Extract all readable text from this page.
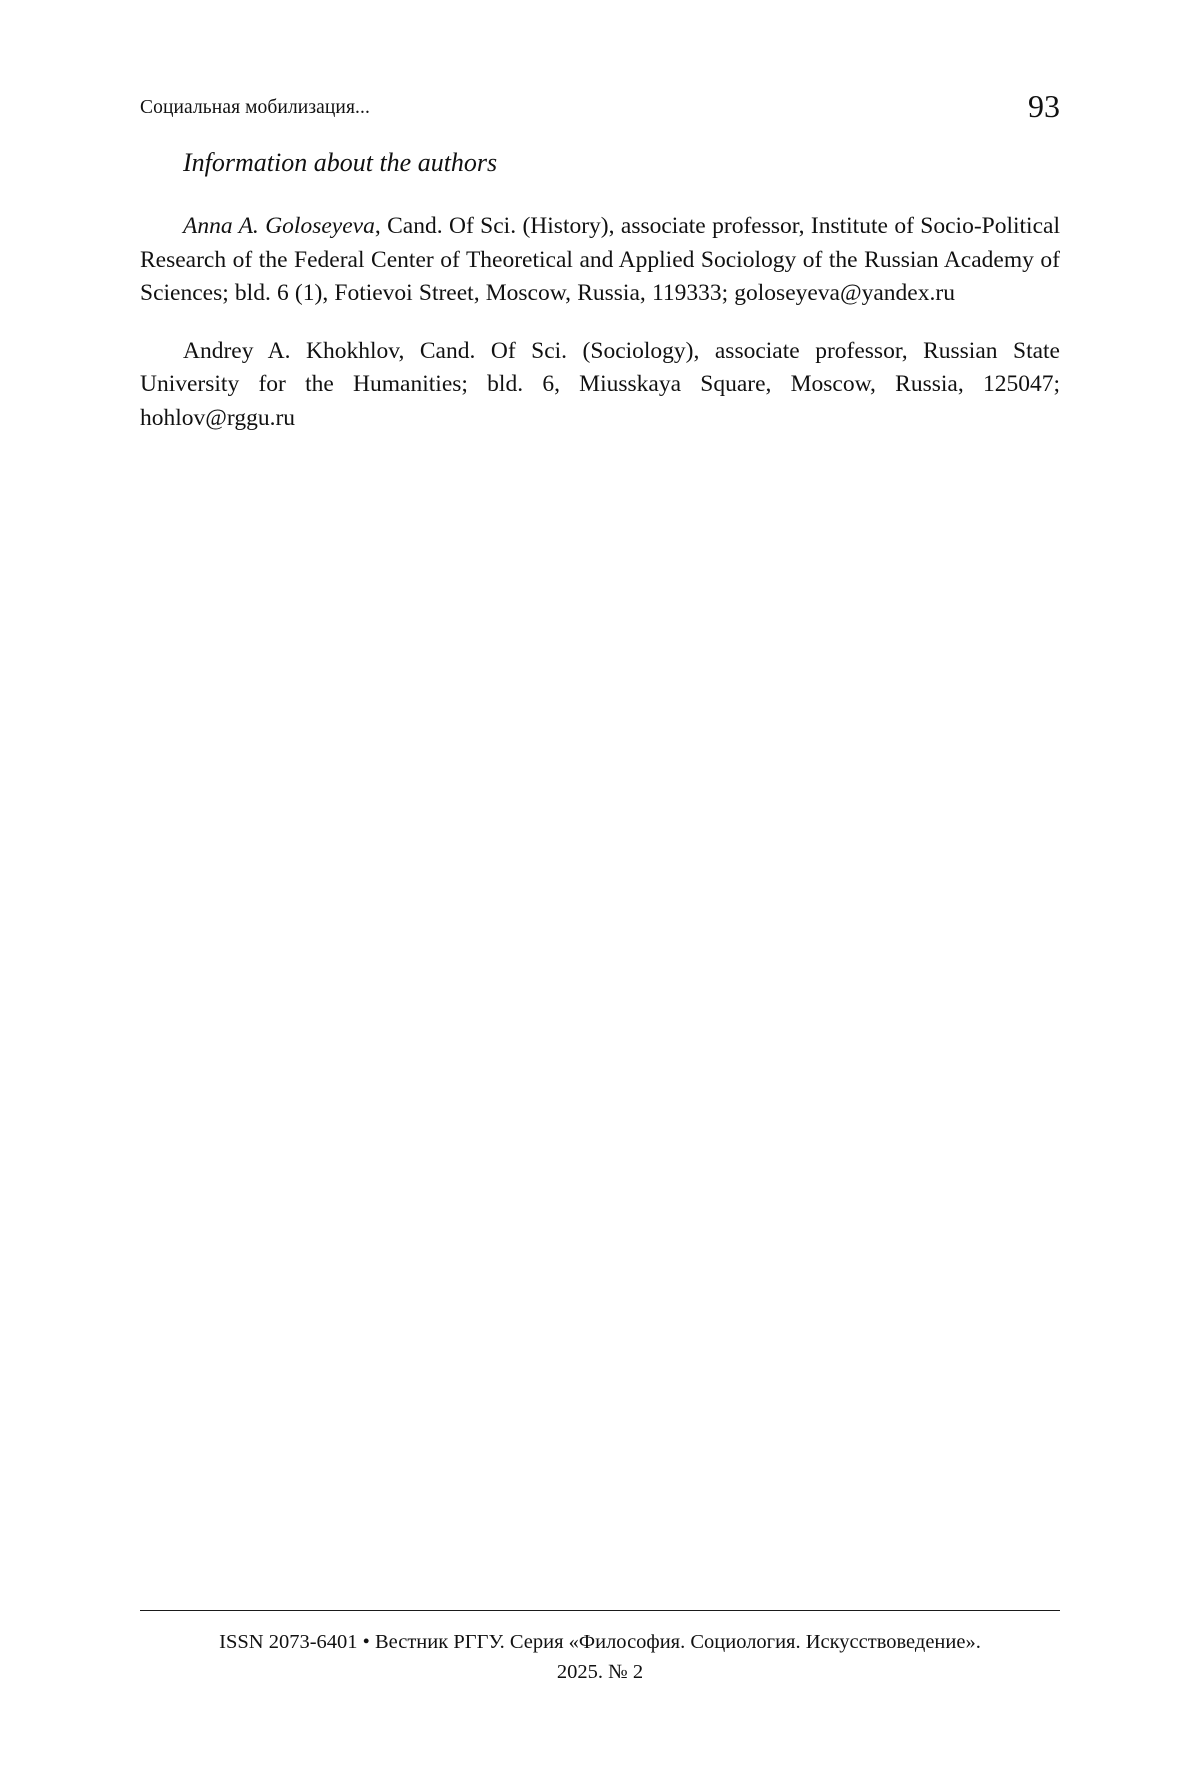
Социальная мобилизация...	93
Information about the authors

Anna A. Goloseyeva, Cand. Of Sci. (History), associate professor, Institute of Socio-Political Research of the Federal Center of Theoretical and Applied Sociology of the Russian Academy of Sciences; bld. 6 (1), Fotievoi Street, Moscow, Russia, 119333; goloseyeva@yandex.ru

Andrey A. Khokhlov, Cand. Of Sci. (Sociology), associate professor, Russian State University for the Humanities; bld. 6, Miusskaya Square, Moscow, Russia, 125047; hohlov@rggu.ru

ISSN 2073-6401 • Вестник РГГУ. Серия «Философия. Социология. Искусствоведение».
2025. № 2
